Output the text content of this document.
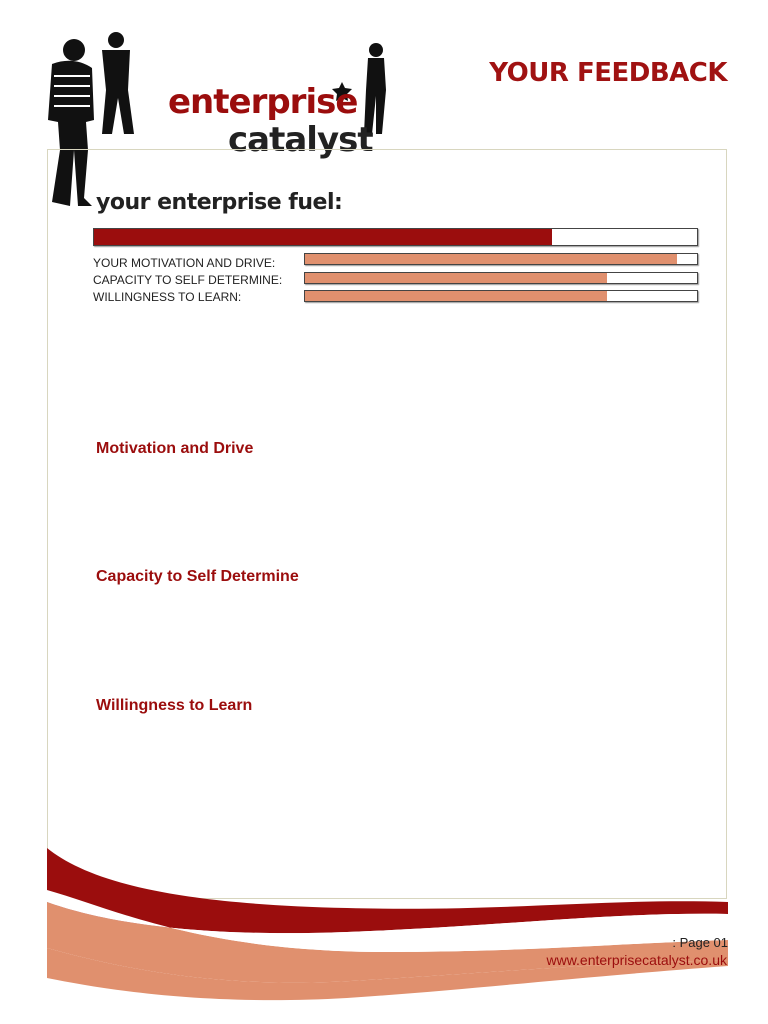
enterprise
catalyst
YOUR FEEDBACK
your enterprise fuel:
YOUR MOTIVATION AND DRIVE:
CAPACITY TO SELF DETERMINE:
WILLINGNESS TO LEARN:
Motivation and Drive
Capacity to Self Determine
Willingness to Learn
: Page 01
www.enterprisecatalyst.co.uk
